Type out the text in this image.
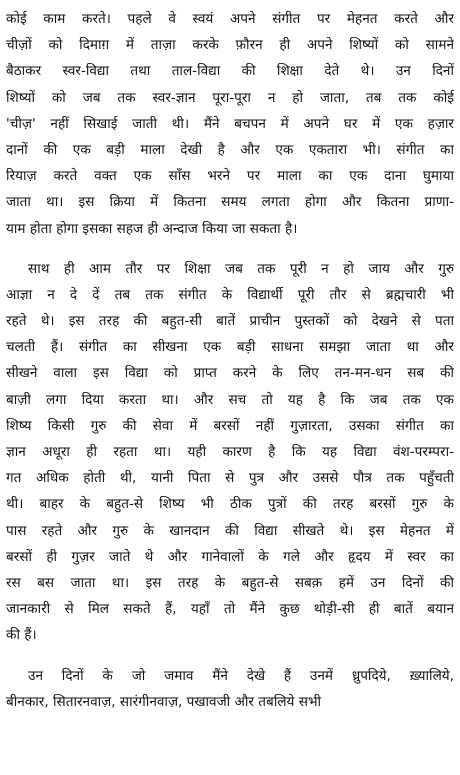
कोई काम करते। पहले वे स्वयं अपने संगीत पर मेहनत करते और
चीज़ों को दिमाग़ में ताज़ा करके फ़ौरन ही अपने शिष्यों को सामने
बैठाकर स्वर-विद्या तथा ताल-विद्या की शिक्षा देते थे। उन दिनों
शिष्यों को जब तक स्वर-ज्ञान पूरा-पूरा न हो जाता, तब तक कोई
'चीज़' नहीं सिखाई जाती थी। मैंने बचपन में अपने घर में एक हज़ार
दानों की एक बड़ी माला देखी है और एक एकतारा भी। संगीत का
रियाज़ करते वक्त एक साँस भरने पर माला का एक दाना घुमाया
जाता था। इस क्रिया में कितना समय लगता होगा और कितना प्राणा-
याम होता होगा इसका सहज ही अन्दाज किया जा सकता है।
साथ ही आम तौर पर शिक्षा जब तक पूरी न हो जाय और गुरु
आज्ञा न दे दें तब तक संगीत के विद्यार्थी पूरी तौर से ब्रह्मचारी भी
रहते थे। इस तरह की बहुत-सी बातें प्राचीन पुस्तकों को देखने से पता
चलती हैं। संगीत का सीखना एक बड़ी साधना समझा जाता था और
सीखने वाला इस विद्या को प्राप्त करने के लिए तन-मन-धन सब की
बाज़ी लगा दिया करता था। और सच तो यह है कि जब तक एक
शिष्य किसी गुरु की सेवा में बरसों नहीं गुज़ारता, उसका संगीत का
ज्ञान अधूरा ही रहता था। यही कारण है कि यह विद्या वंश-परम्परा-
गत अधिक होती थी, यानी पिता से पुत्र और उससे पौत्र तक पहुँचती
थी। बाहर के बहुत-से शिष्य भी ठीक पुत्रों की तरह बरसों गुरु के
पास रहते और गुरु के खानदान की विद्या सीखते थे। इस मेहनत में
बरसों ही गुज़र जाते थे और गानेवालों के गले और हृदय में स्वर का
रस बस जाता था। इस तरह के बहुत-से सबक़ हमें उन दिनों की
जानकारी से मिल सकते हैं, यहाँ तो मैंने कुछ थोड़ी-सी ही बातें बयान
की हैं।
उन दिनों के जो जमाव मैंने देखे हैं उनमें ध्रुपदिये, ख़्यालिये,
बीनकार, सितारनवाज़, सारंगीनवाज़, पखावजी और तबलिये सभी
